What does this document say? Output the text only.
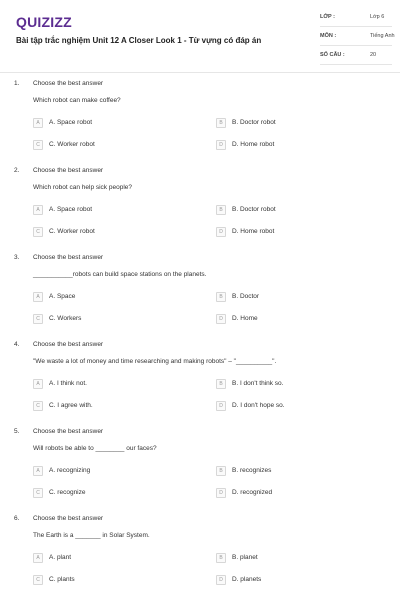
QUIZIZZ
Bài tập trắc nghiệm Unit 12 A Closer Look 1 - Từ vựng có đáp án
LỚP :	Lớp 6
MÔN :	Tiếng Anh
SỐ CÂU :	20
1. Choose the best answer
Which robot can make coffee?
A	A. Space robot	B	B. Doctor robot
C	C. Worker robot	D	D. Home robot
2. Choose the best answer
Which robot can help sick people?
A	A. Space robot	B	B. Doctor robot
C	C. Worker robot	D	D. Home robot
3. Choose the best answer
___________robots can build space stations on the planets.
A	A. Space	B	B. Doctor
C	C. Workers	D	D. Home
4. Choose the best answer
"We waste a lot of money and time researching and making robots" – "__________".
A	A. I think not.	B	B. I don't think so.
C	C. I agree with.	D	D. I don't hope so.
5. Choose the best answer
Will robots be able to ________ our faces?
A	A. recognizing	B	B. recognizes
C	C. recognize	D	D. recognized
6. Choose the best answer
The Earth is a _______ in Solar System.
A	A. plant	B	B. planet
C	C. plants	D	D. planets
